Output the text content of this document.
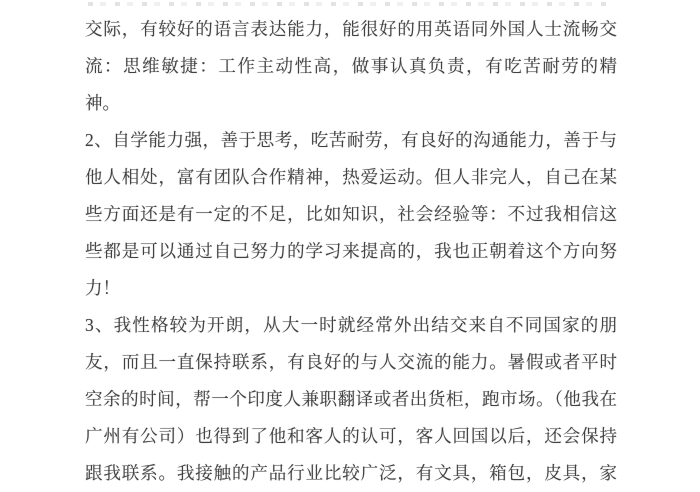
交际，有较好的语言表达能力，能很好的用英语同外国人士流畅交
流：思维敏捷：工作主动性高，做事认真负责，有吃苦耐劳的精
神。
2、自学能力强，善于思考，吃苦耐劳，有良好的沟通能力，善于与
他人相处，富有团队合作精神，热爱运动。但人非完人，自己在某
些方面还是有一定的不足，比如知识，社会经验等：不过我相信这
些都是可以通过自己努力的学习来提高的，我也正朝着这个方向努
力！
3、我性格较为开朗，从大一时就经常外出结交来自不同国家的朋
友，而且一直保持联系，有良好的与人交流的能力。暑假或者平时
空余的时间，帮一个印度人兼职翻译或者出货柜，跑市场。（他我在
广州有公司）也得到了他和客人的认可，客人回国以后，还会保持
跟我联系。我接触的产品行业比较广泛，有文具，箱包，皮具，家
